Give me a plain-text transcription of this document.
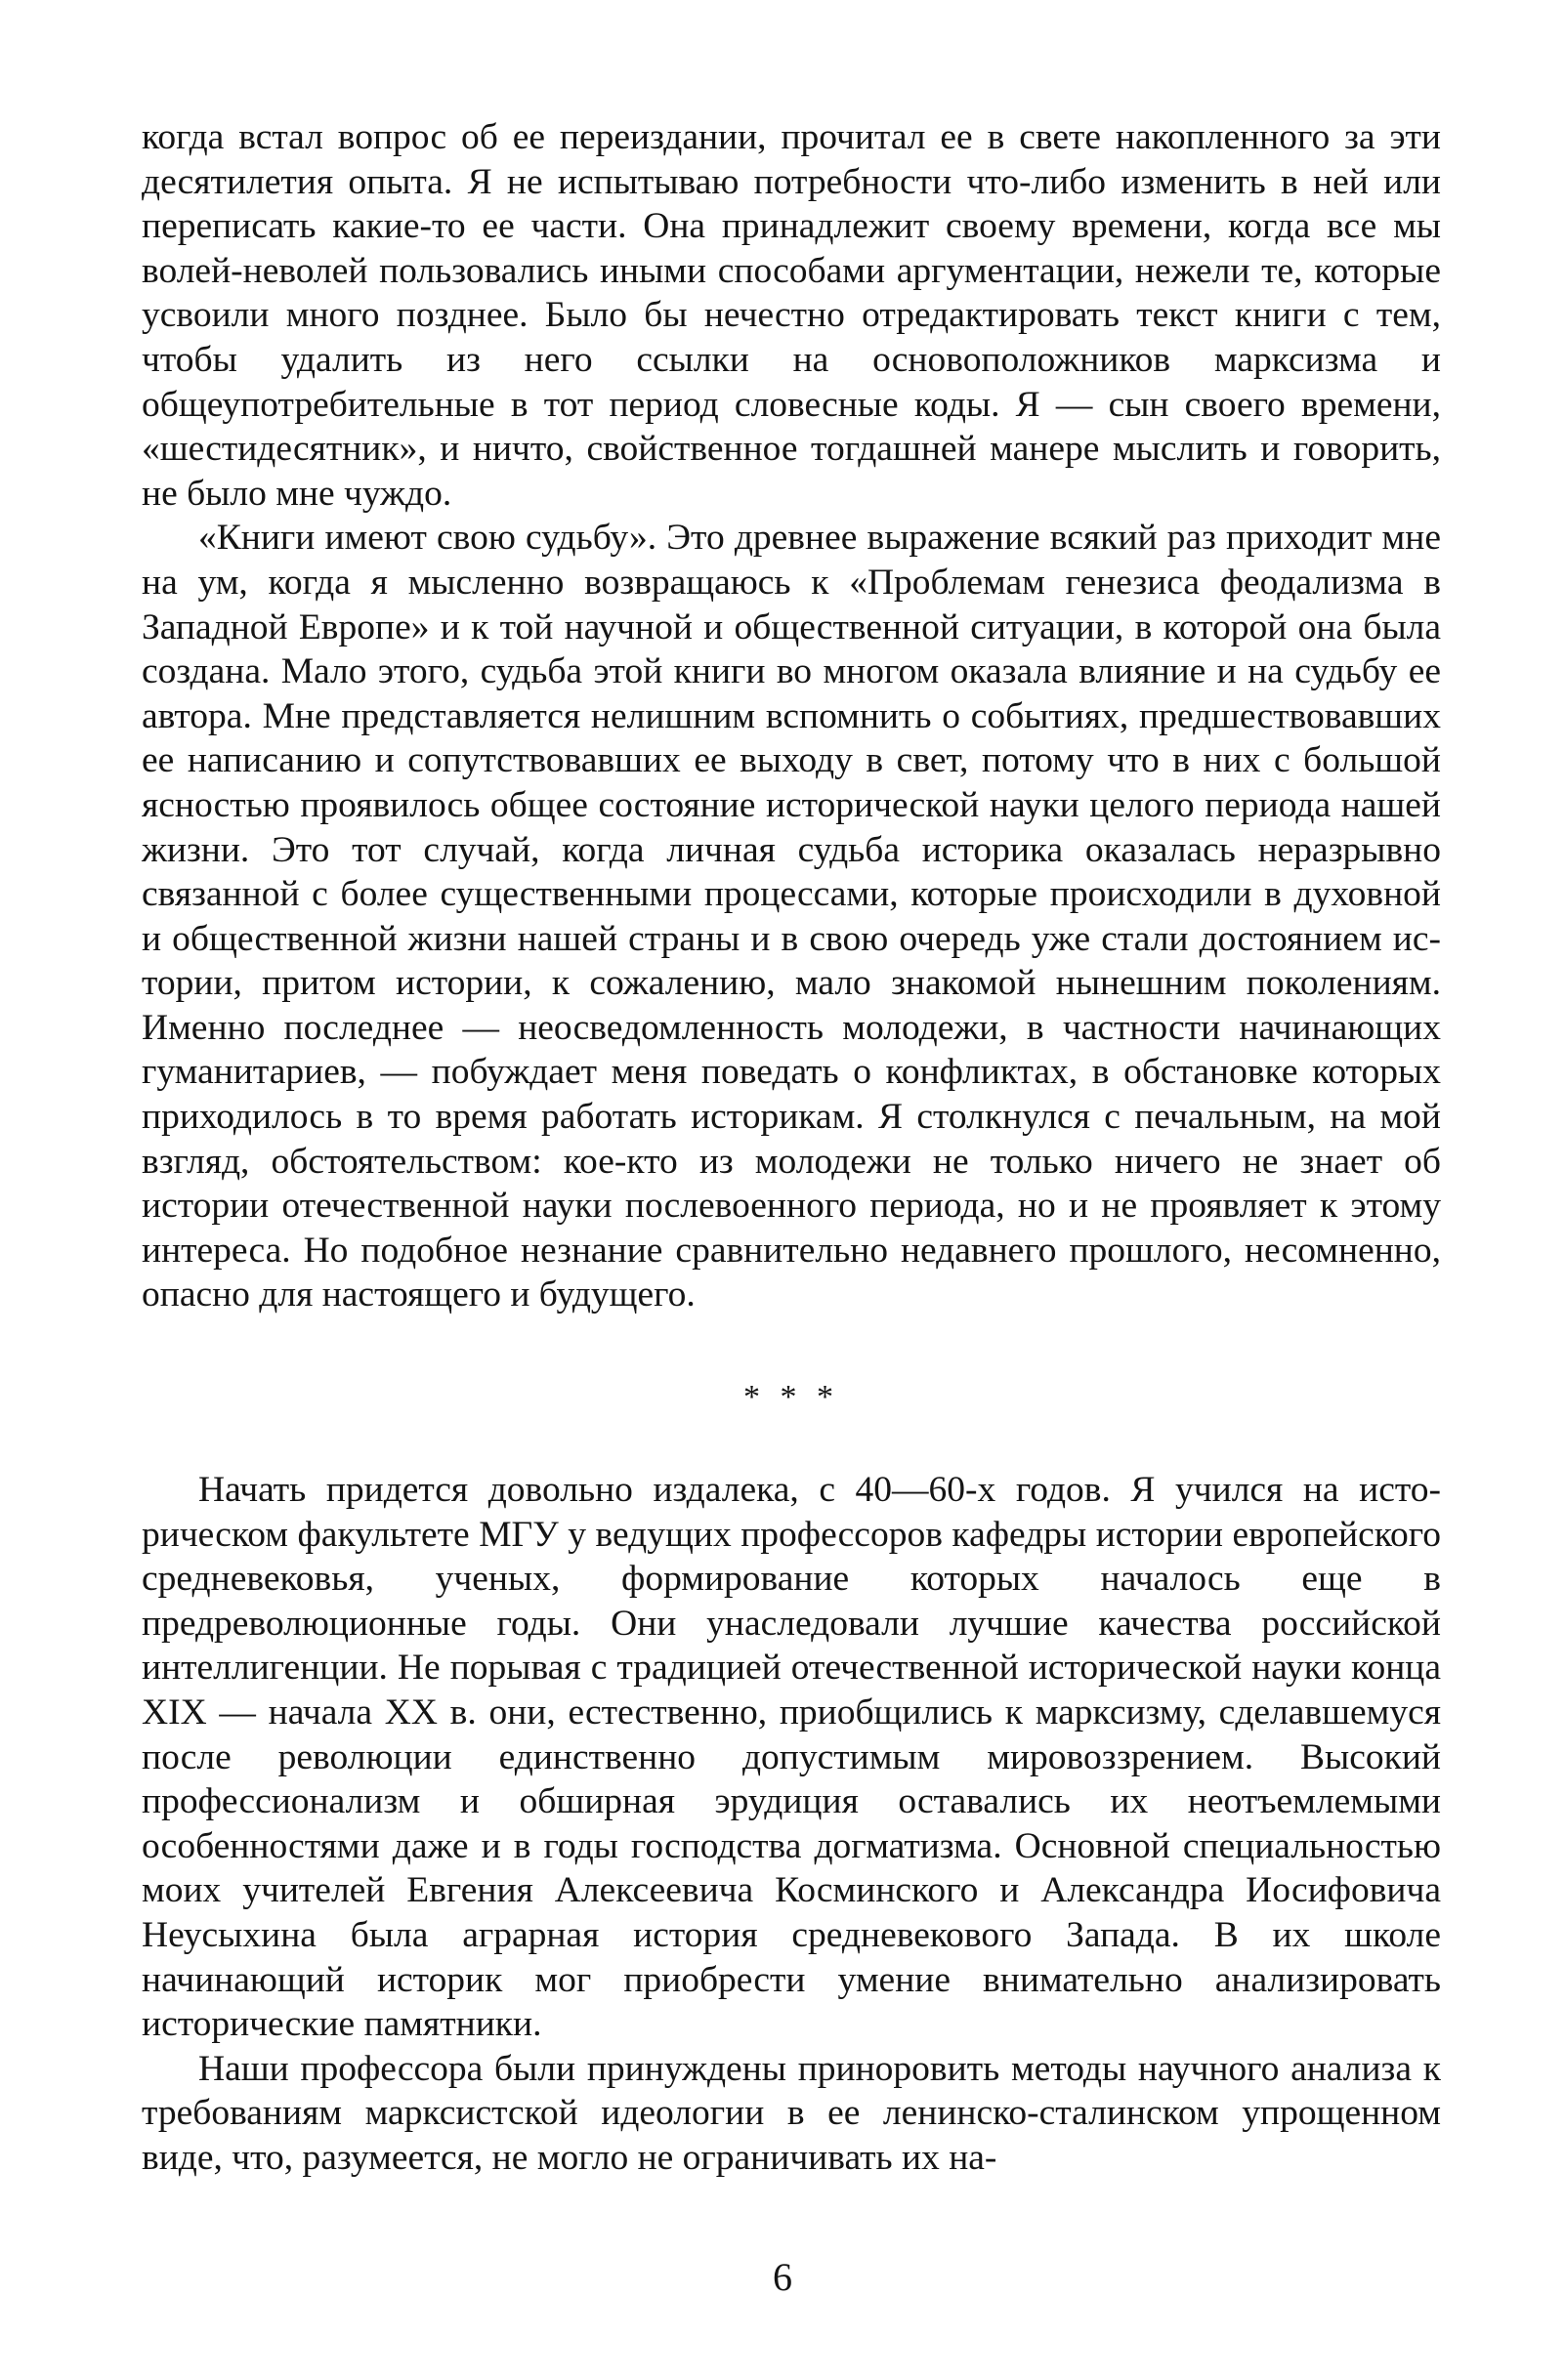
когда встал вопрос об ее переиздании, прочитал ее в свете накопленного за эти десятилетия опыта. Я не испытываю потребности что-либо изменить в ней или переписать какие-то ее части. Она принадлежит своему времени, когда все мы волей-неволей пользовались иными способами аргументации, нежели те, которые усвоили много позднее. Было бы нечестно отредактировать текст книги с тем, чтобы удалить из него ссылки на основоположников марксизма и общеупотребительные в тот период словесные коды. Я — сын своего времени, «шестидесятник», и ничто, свойственное тогдашней манере мыслить и говорить, не было мне чуждо.

«Книги имеют свою судьбу». Это древнее выражение всякий раз приходит мне на ум, когда я мысленно возвращаюсь к «Проблемам генезиса феодализма в Западной Европе» и к той научной и общественной ситуации, в которой она была создана. Мало этого, судьба этой книги во многом оказала влияние и на судьбу ее автора. Мне представляется нелишним вспомнить о событиях, предшествовавших ее написанию и сопутствовавших ее выходу в свет, потому что в них с большой ясностью проявилось общее состояние исторической науки целого периода нашей жизни. Это тот случай, когда личная судьба историка оказалась неразрывно связанной с более существенными процессами, которые происходили в духовной и общественной жизни нашей страны и в свою очередь уже стали достоянием истории, притом истории, к сожалению, мало знакомой нынешним поколениям. Именно последнее — неосведомленность молодежи, в частности начинающих гуманитариев, — побуждает меня поведать о конфликтах, в обстановке которых приходилось в то время работать историкам. Я столкнулся с печальным, на мой взгляд, обстоятельством: кое-кто из молодежи не только ничего не знает об истории отечественной науки послевоенного периода, но и не проявляет к этому интереса. Но подобное незнание сравнительно недавнего прошлого, несомненно, опасно для настоящего и будущего.

* * *

Начать придется довольно издалека, с 40—60-х годов. Я учился на историческом факультете МГУ у ведущих профессоров кафедры истории европейского средневековья, ученых, формирование которых началось еще в предреволюционные годы. Они унаследовали лучшие качества российской интеллигенции. Не порывая с традицией отечественной исторической науки конца XIX — начала XX в. они, естественно, приобщились к марксизму, сделавшемуся после революции единственно допустимым мировоззрением. Высокий профессионализм и обширная эрудиция оставались их неотъемлемыми особенностями даже и в годы господства догматизма. Основной специальностью моих учителей Евгения Алексеевича Косминского и Александра Иосифовича Неусыхина была аграрная история средневекового Запада. В их школе начинающий историк мог приобрести умение внимательно анализировать исторические памятники.

Наши профессора были принуждены приноровить методы научного анализа к требованиям марксистской идеологии в ее ленинско-сталинском упрощенном виде, что, разумеется, не могло не ограничивать их на-

6
